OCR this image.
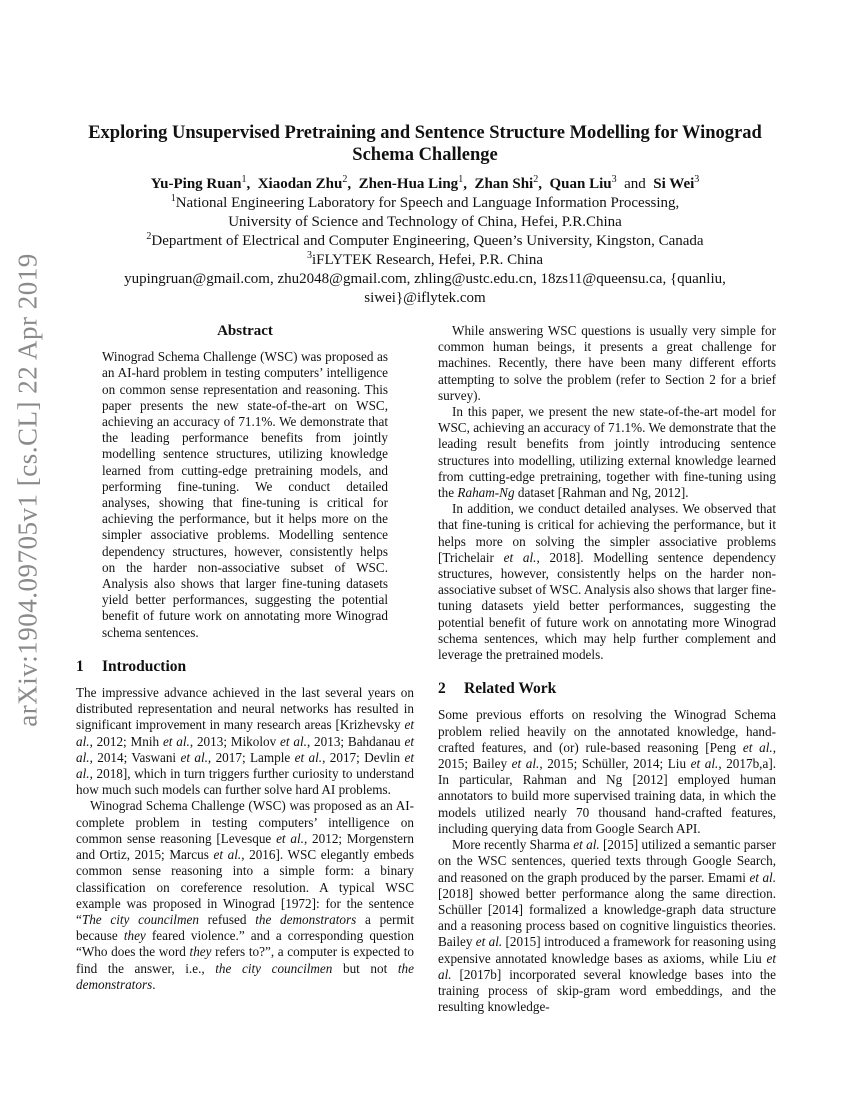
arXiv:1904.09705v1 [cs.CL] 22 Apr 2019
Exploring Unsupervised Pretraining and Sentence Structure Modelling for Winograd Schema Challenge
Yu-Ping Ruan$^1$,  Xiaodan Zhu$^2$,  Zhen-Hua Ling$^1$,  Zhan Shi$^2$,  Quan Liu$^3$ and Si Wei$^3$

$^1$National Engineering Laboratory for Speech and Language Information Processing,

University of Science and Technology of China, Hefei, P.R.China

$^2$Department of Electrical and Computer Engineering, Queen’s University, Kingston, Canada

$^3$iFLYTEK Research, Hefei, P.R. China

yupingruan@gmail.com, zhu2048@gmail.com, zhling@ustc.edu.cn, 18zs11@queensu.ca, {quanliu, siwei}@iflytek.com

Abstract

Winograd Schema Challenge (WSC) was proposed as an AI-hard problem in testing computers’ intelligence on common sense representation and reasoning. This paper presents the new state-of-the-art on WSC, achieving an accuracy of 71.1%. We demonstrate that the leading performance benefits from jointly modelling sentence structures, utilizing knowledge learned from cutting-edge pretraining models, and performing fine-tuning. We conduct detailed analyses, showing that fine-tuning is critical for achieving the performance, but it helps more on the simpler associative problems. Modelling sentence dependency structures, however, consistently helps on the harder non-associative subset of WSC. Analysis also shows that larger fine-tuning datasets yield better performances, suggesting the potential benefit of future work on annotating more Winograd schema sentences.

1 Introduction

The impressive advance achieved in the last several years on distributed representation and neural networks has resulted in significant improvement in many research areas [Krizhevsky et al., 2012; Mnih et al., 2013; Mikolov et al., 2013; Bahdanau et al., 2014; Vaswani et al., 2017; Lample et al., 2017; Devlin et al., 2018], which in turn triggers further curiosity to understand how much such models can further solve hard AI problems.

Winograd Schema Challenge (WSC) was proposed as an AI-complete problem in testing computers’ intelligence on common sense reasoning [Levesque et al., 2012; Morgenstern and Ortiz, 2015; Marcus et al., 2016]. WSC elegantly embeds common sense reasoning into a simple form: a binary classification on coreference resolution. A typical WSC example was proposed in Winograd [1972]: for the sentence “The city councilmen refused the demonstrators a permit because they feared violence.” and a corresponding question “Who does the word they refers to?”, a computer is expected to find the answer, i.e., the city councilmen but not the demonstrators.

While answering WSC questions is usually very simple for common human beings, it presents a great challenge for machines. Recently, there have been many different efforts attempting to solve the problem (refer to Section 2 for a brief survey).

In this paper, we present the new state-of-the-art model for WSC, achieving an accuracy of 71.1%. We demonstrate that the leading result benefits from jointly introducing sentence structures into modelling, utilizing external knowledge learned from cutting-edge pretraining, together with fine-tuning using the Raham-Ng dataset [Rahman and Ng, 2012].

In addition, we conduct detailed analyses. We observed that that fine-tuning is critical for achieving the performance, but it helps more on solving the simpler associative problems [Trichelair et al., 2018]. Modelling sentence dependency structures, however, consistently helps on the harder non-associative subset of WSC. Analysis also shows that larger fine-tuning datasets yield better performances, suggesting the potential benefit of future work on annotating more Winograd schema sentences, which may help further complement and leverage the pretrained models.

2 Related Work

Some previous efforts on resolving the Winograd Schema problem relied heavily on the annotated knowledge, hand-crafted features, and (or) rule-based reasoning [Peng et al., 2015; Bailey et al., 2015; Schüller, 2014; Liu et al., 2017b,a]. In particular, Rahman and Ng [2012] employed human annotators to build more supervised training data, in which the models utilized nearly 70 thousand hand-crafted features, including querying data from Google Search API.

More recently Sharma et al. [2015] utilized a semantic parser on the WSC sentences, queried texts through Google Search, and reasoned on the graph produced by the parser. Emami et al. [2018] showed better performance along the same direction. Schüller [2014] formalized a knowledge-graph data structure and a reasoning process based on cognitive linguistics theories. Bailey et al. [2015] introduced a framework for reasoning using expensive annotated knowledge bases as axioms, while Liu et al. [2017b] incorporated several knowledge bases into the training process of skip-gram word embeddings, and the resulting knowledge-
